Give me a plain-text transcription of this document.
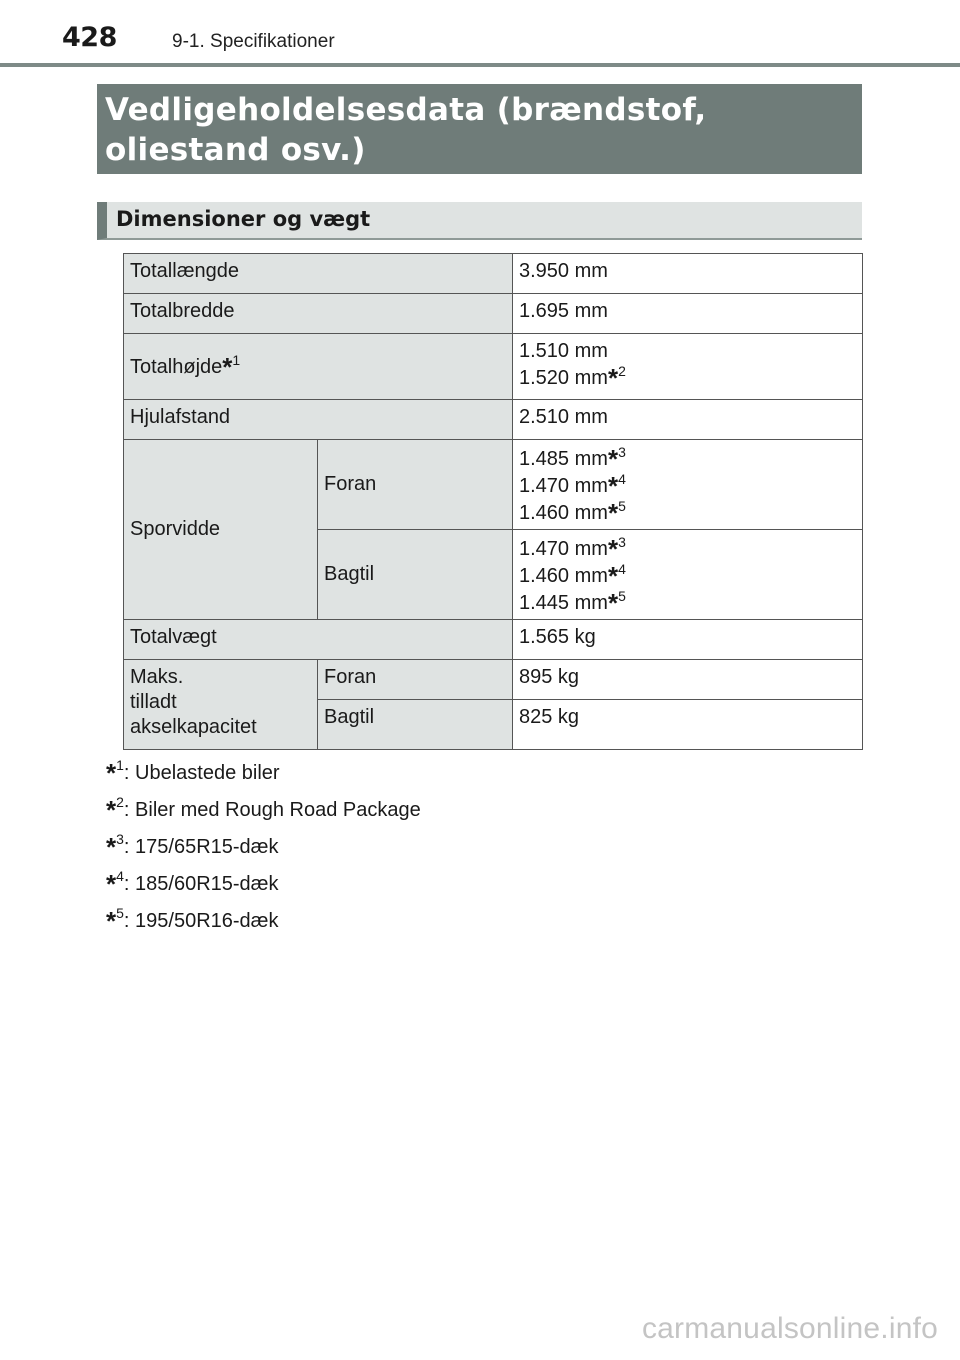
428	9-1. Specifikationer
Vedligeholdelsesdata (brændstof, oliestand osv.)
Dimensioner og vægt
Totallængde		3.950 mm
Totalbredde		1.695 mm
Totalhøjde*$^1$		1.510 mm
1.520 mm*$^2$

Hjulafstand		2.510 mm
Sporvidde	Foran	1.485 mm*$^3$
1.470 mm*$^4$
1.460 mm*$^5$

	Bagtil	1.470 mm*$^3$
1.460 mm*$^4$
1.445 mm*$^5$

Totalvægt		1.565 kg

Maks.
tilladt
akselkapacitet	Foran	895 kg
	Bagtil	825 kg
*$^1$: Ubelastede biler
*$^2$: Biler med Rough Road Package
*$^3$: 175/65R15-dæk
*$^4$: 185/60R15-dæk
*$^5$: 195/50R16-dæk
carmanualsonline.info
